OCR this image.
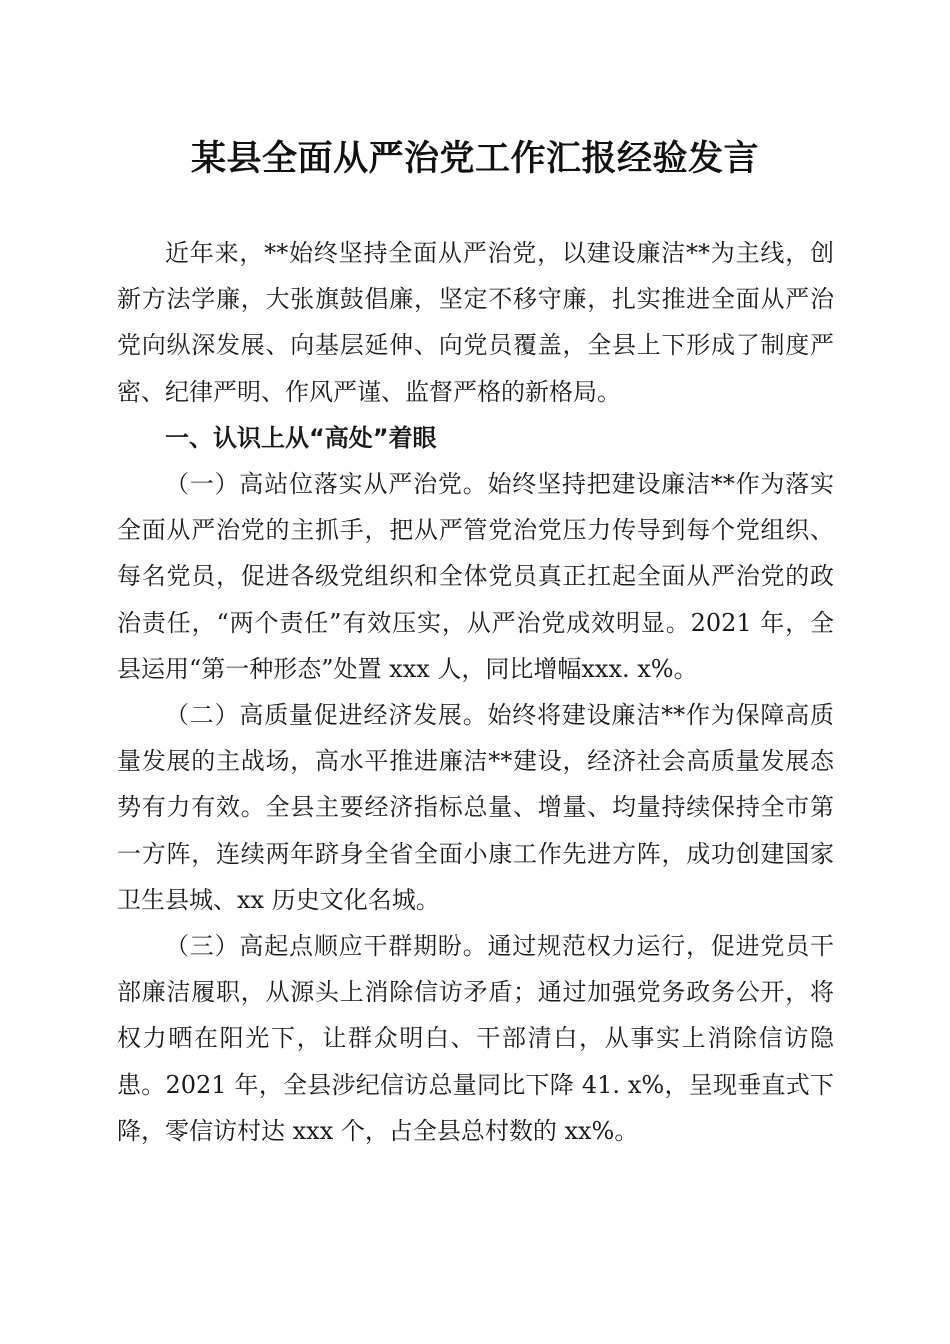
某县全面从严治党工作汇报经验发言

近年来，**始终坚持全面从严治党，以建设廉洁**为主线，创新方法学廉，大张旗鼓倡廉，坚定不移守廉，扎实推进全面从严治党向纵深发展、向基层延伸、向党员覆盖，全县上下形成了制度严密、纪律严明、作风严谨、监督严格的新格局。

一、认识上从“高处”着眼

（一）高站位落实从严治党。始终坚持把建设廉洁**作为落实全面从严治党的主抓手，把从严管党治党压力传导到每个党组织、每名党员，促进各级党组织和全体党员真正扛起全面从严治党的政治责任，“两个责任”有效压实，从严治党成效明显。2021 年，全县运用“第一种形态”处置 xxx 人，同比增幅xxx. x%。

（二）高质量促进经济发展。始终将建设廉洁**作为保障高质量发展的主战场，高水平推进廉洁**建设，经济社会高质量发展态势有力有效。全县主要经济指标总量、增量、均量持续保持全市第一方阵，连续两年跻身全省全面小康工作先进方阵，成功创建国家卫生县城、xx 历史文化名城。

（三）高起点顺应干群期盼。通过规范权力运行，促进党员干部廉洁履职，从源头上消除信访矛盾；通过加强党务政务公开，将权力晒在阳光下，让群众明白、干部清白，从事实上消除信访隐患。2021 年，全县涉纪信访总量同比下降 41. x%，呈现垂直式下降，零信访村达 xxx 个，占全县总村数的 xx%。
